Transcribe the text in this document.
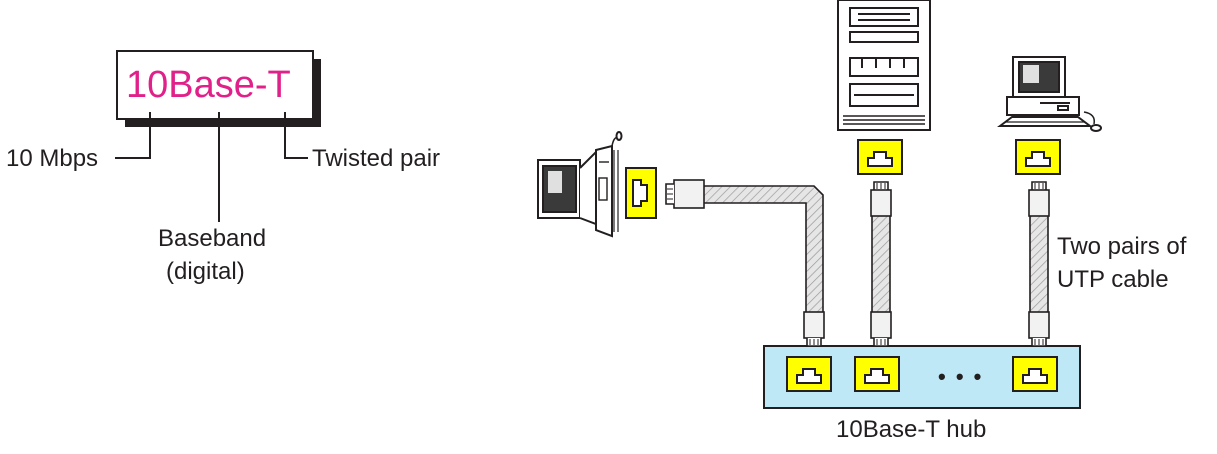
10Base-T
10 Mbps	Twisted pair
Baseband
(digital)
Two pairs of
UTP cable
• • •
10Base-T hub
